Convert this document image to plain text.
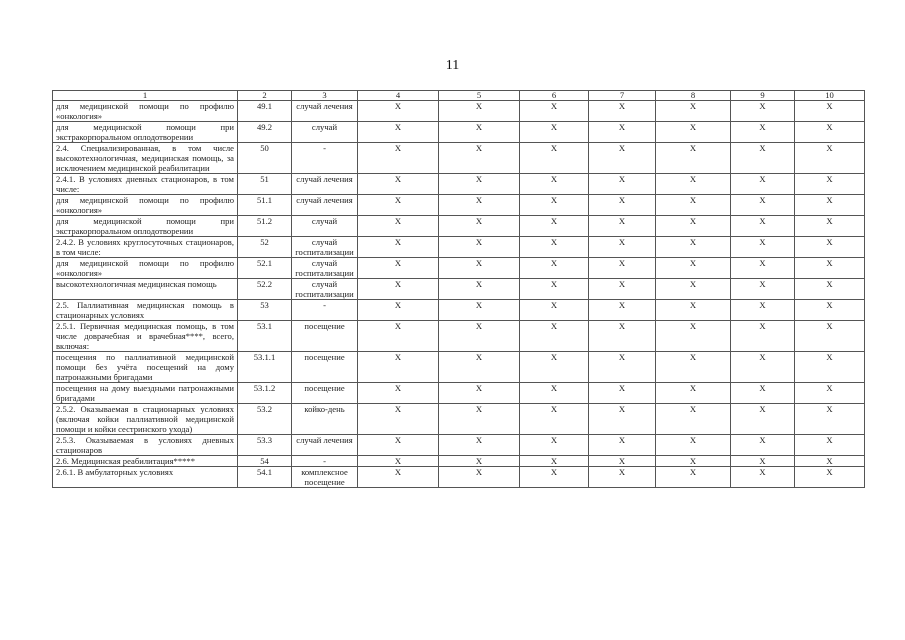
11
1	2	3	4	5	6	7	8	9	10
для медицинской помощи по профилю «онкология»	49.1	случай лечения	X	X	X	X	X	X	X
для медицинской помощи при экстракорпоральном оплодотворении	49.2	случай	X	X	X	X	X	X	X
2.4. Специализированная, в том числе высокотехнологичная, медицинская помощь, за исключением медицинской реабилитации	50	-	X	X	X	X	X	X	X
2.4.1. В условиях дневных стационаров, в том числе:	51	случай лечения	X	X	X	X	X	X	X
для медицинской помощи по профилю «онкология»	51.1	случай лечения	X	X	X	X	X	X	X
для медицинской помощи при экстракорпоральном оплодотворении	51.2	случай	X	X	X	X	X	X	X
2.4.2. В условиях круглосуточных стационаров, в том числе:	52	случай госпитализации	X	X	X	X	X	X	X
для медицинской помощи по профилю «онкология»	52.1	случай госпитализации	X	X	X	X	X	X	X
высокотехнологичная медицинская помощь	52.2	случай госпитализации	X	X	X	X	X	X	X
2.5. Паллиативная медицинская помощь в стационарных условиях	53	-	X	X	X	X	X	X	X
2.5.1. Первичная медицинская помощь, в том числе доврачебная и врачебная****, всего, включая:	53.1	посещение	X	X	X	X	X	X	X
посещения по паллиативной медицинской помощи без учёта посещений на дому патронажными бригадами	53.1.1	посещение	X	X	X	X	X	X	X
посещения на дому выездными патронажными бригадами	53.1.2	посещение	X	X	X	X	X	X	X
2.5.2. Оказываемая в стационарных условиях (включая койки паллиативной медицинской помощи и койки сестринского ухода)	53.2	койко-день	X	X	X	X	X	X	X
2.5.3. Оказываемая в условиях дневных стационаров	53.3	случай лечения	X	X	X	X	X	X	X
2.6. Медицинская реабилитация*****	54	-	X	X	X	X	X	X	X
2.6.1. В амбулаторных условиях	54.1	комплексное посещение	X	X	X	X	X	X	X
